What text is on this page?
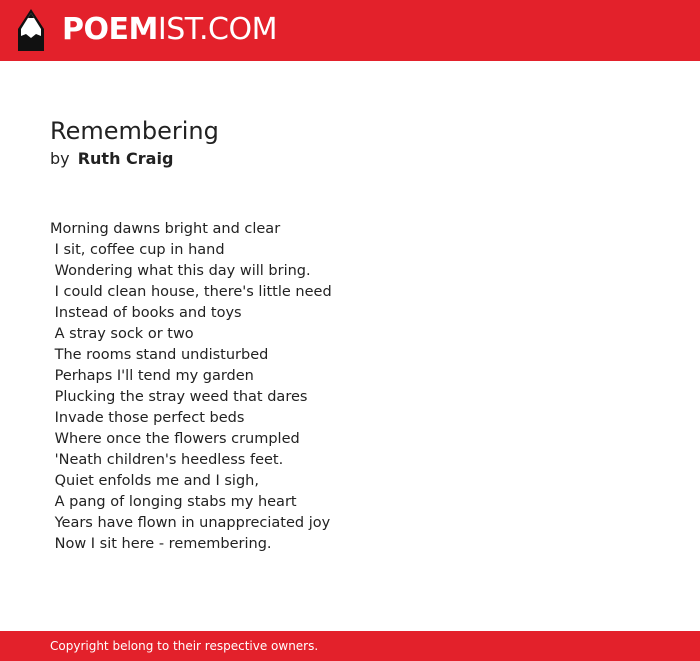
POEMIST.COM
Remembering
by Ruth Craig
Morning dawns bright and clear
I sit, coffee cup in hand
Wondering what this day will bring.
I could clean house, there's little need
Instead of books and toys
A stray sock or two
The rooms stand undisturbed
Perhaps I'll tend my garden
Plucking the stray weed that dares
Invade those perfect beds
Where once the flowers crumpled
'Neath children's heedless feet.
Quiet enfolds me and I sigh,
A pang of longing stabs my heart
Years have flown in unappreciated joy
Now I sit here - remembering.
Copyright belong to their respective owners.
